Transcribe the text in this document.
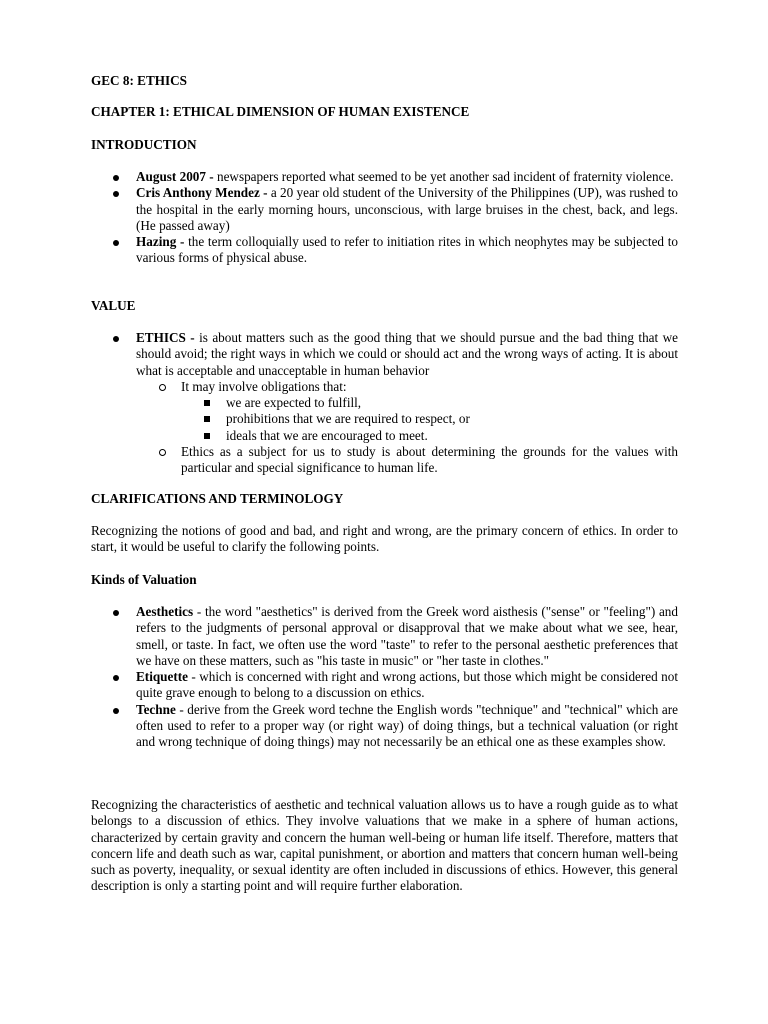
GEC 8: ETHICS
CHAPTER 1: ETHICAL DIMENSION OF HUMAN EXISTENCE
INTRODUCTION
August 2007 - newspapers reported what seemed to be yet another sad incident of fraternity violence.
Cris Anthony Mendez - a 20 year old student of the University of the Philippines (UP), was rushed to the hospital in the early morning hours, unconscious, with large bruises in the chest, back, and legs. (He passed away)
Hazing - the term colloquially used to refer to initiation rites in which neophytes may be subjected to various forms of physical abuse.
VALUE
ETHICS - is about matters such as the good thing that we should pursue and the bad thing that we should avoid; the right ways in which we could or should act and the wrong ways of acting. It is about what is acceptable and unacceptable in human behavior
It may involve obligations that:
we are expected to fulfill,
prohibitions that we are required to respect, or
ideals that we are encouraged to meet.
Ethics as a subject for us to study is about determining the grounds for the values with particular and special significance to human life.
CLARIFICATIONS AND TERMINOLOGY
Recognizing the notions of good and bad, and right and wrong, are the primary concern of ethics. In order to start, it would be useful to clarify the following points.
Kinds of Valuation
Aesthetics - the word "aesthetics" is derived from the Greek word aisthesis ("sense" or "feeling") and refers to the judgments of personal approval or disapproval that we make about what we see, hear, smell, or taste. In fact, we often use the word "taste" to refer to the personal aesthetic preferences that we have on these matters, such as "his taste in music" or "her taste in clothes."
Etiquette - which is concerned with right and wrong actions, but those which might be considered not quite grave enough to belong to a discussion on ethics.
Techne - derive from the Greek word techne the English words "technique" and "technical" which are often used to refer to a proper way (or right way) of doing things, but a technical valuation (or right and wrong technique of doing things) may not necessarily be an ethical one as these examples show.
Recognizing the characteristics of aesthetic and technical valuation allows us to have a rough guide as to what belongs to a discussion of ethics. They involve valuations that we make in a sphere of human actions, characterized by certain gravity and concern the human well-being or human life itself. Therefore, matters that concern life and death such as war, capital punishment, or abortion and matters that concern human well-being such as poverty, inequality, or sexual identity are often included in discussions of ethics. However, this general description is only a starting point and will require further elaboration.
